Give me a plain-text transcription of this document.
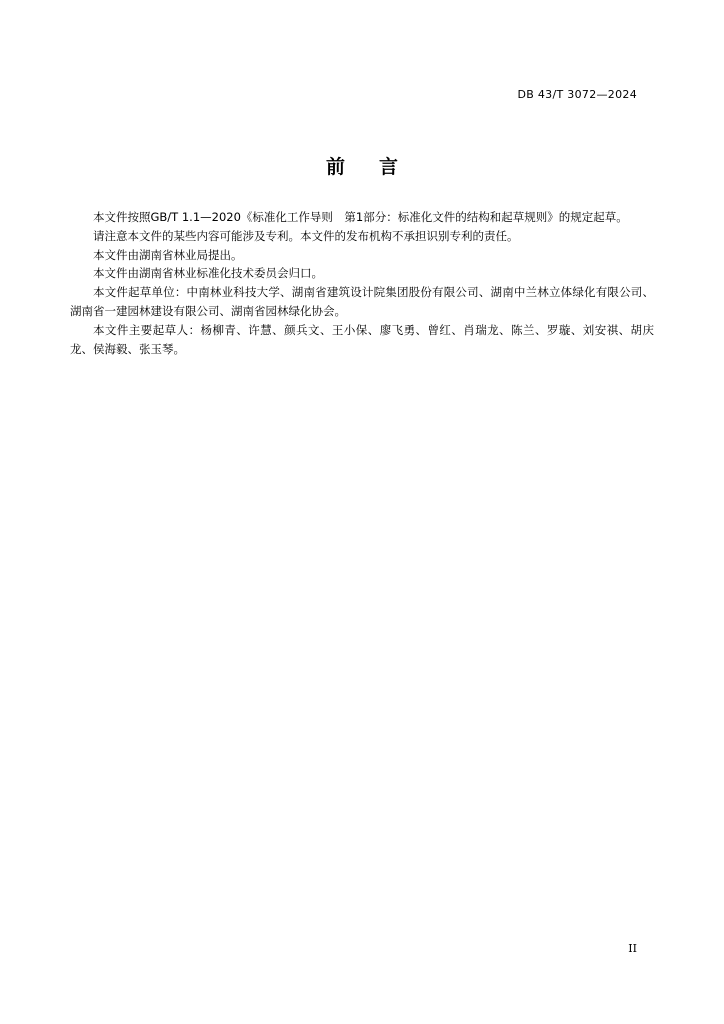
DB 43/T 3072—2024
前言

本文件按照GB/T 1.1—2020《标准化工作导则　第1部分：标准化文件的结构和起草规则》的规定起草。

请注意本文件的某些内容可能涉及专利。本文件的发布机构不承担识别专利的责任。

本文件由湖南省林业局提出。

本文件由湖南省林业标准化技术委员会归口。

本文件起草单位：中南林业科技大学、湖南省建筑设计院集团股份有限公司、湖南中兰林立体绿化有限公司、湖南省一建园林建设有限公司、湖南省园林绿化协会。

本文件主要起草人：杨柳青、许慧、颜兵文、王小保、廖飞勇、曾红、肖瑞龙、陈兰、罗璇、刘安祺、胡庆龙、侯海毅、张玉琴。

II
